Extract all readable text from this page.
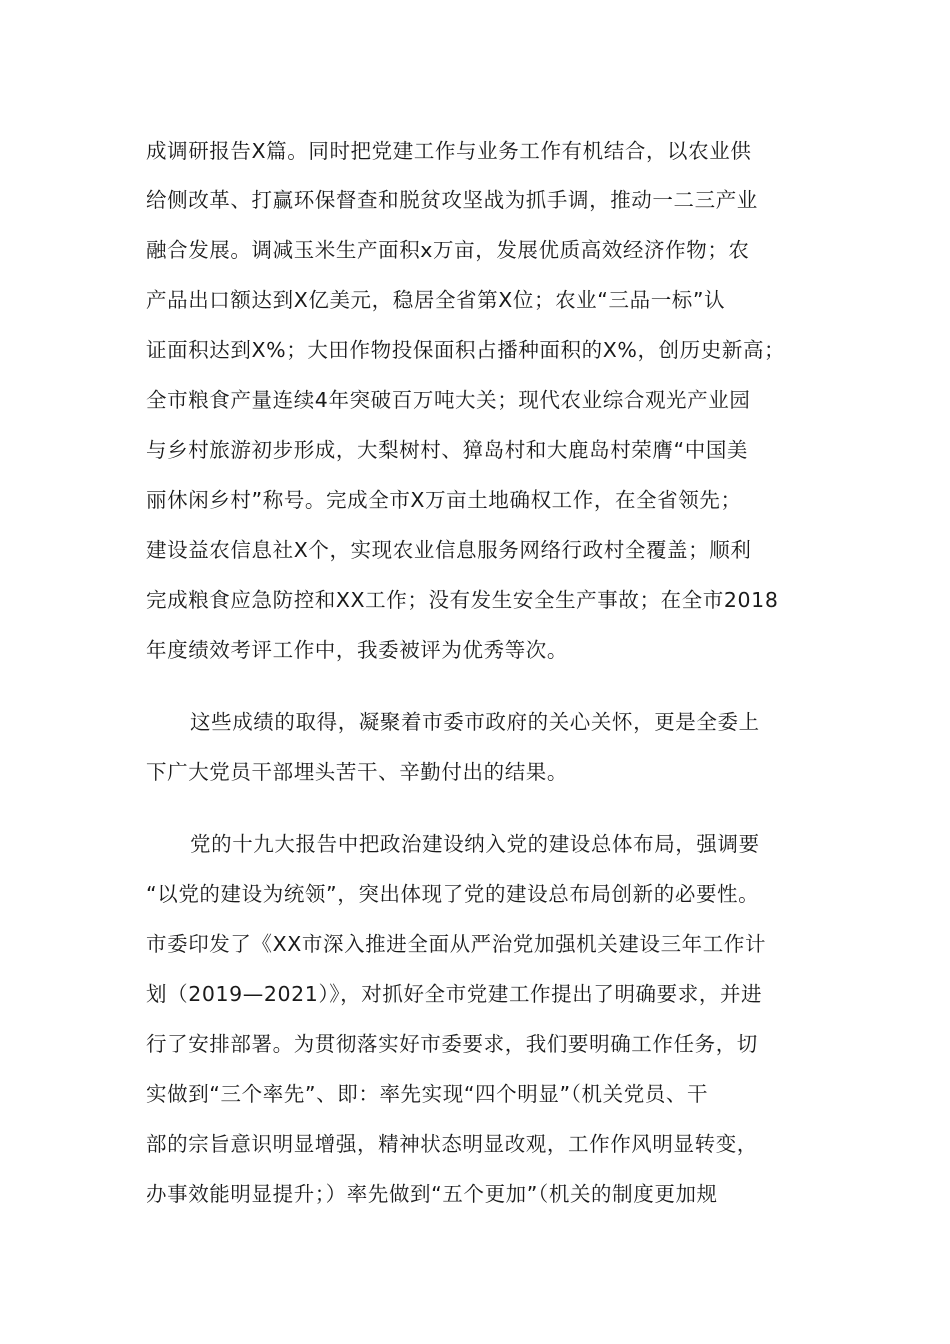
成调研报告X篇。同时把党建工作与业务工作有机结合，以农业供
给侧改革、打赢环保督查和脱贫攻坚战为抓手调，推动一二三产业
融合发展。调减玉米生产面积x万亩，发展优质高效经济作物；农
产品出口额达到X亿美元，稳居全省第X位；农业“三品一标”认
证面积达到X%；大田作物投保面积占播种面积的X%，创历史新高；
全市粮食产量连续4年突破百万吨大关；现代农业综合观光产业园
与乡村旅游初步形成，大梨树村、獐岛村和大鹿岛村荣膺“中国美
丽休闲乡村”称号。完成全市X万亩土地确权工作，在全省领先；
建设益农信息社X个，实现农业信息服务网络行政村全覆盖；顺利
完成粮食应急防控和XX工作；没有发生安全生产事故；在全市2018
年度绩效考评工作中，我委被评为优秀等次。
这些成绩的取得，凝聚着市委市政府的关心关怀，更是全委上
下广大党员干部埋头苦干、辛勤付出的结果。
党的十九大报告中把政治建设纳入党的建设总体布局，强调要
“以党的建设为统领”，突出体现了党的建设总布局创新的必要性。
市委印发了《XX市深入推进全面从严治党加强机关建设三年工作计
划（2019—2021）》，对抓好全市党建工作提出了明确要求，并进
行了安排部署。为贯彻落实好市委要求，我们要明确工作任务，切
实做到“三个率先”、即：率先实现“四个明显”（机关党员、干
部的宗旨意识明显增强，精神状态明显改观，工作作风明显转变，
办事效能明显提升；）率先做到“五个更加”（机关的制度更加规
